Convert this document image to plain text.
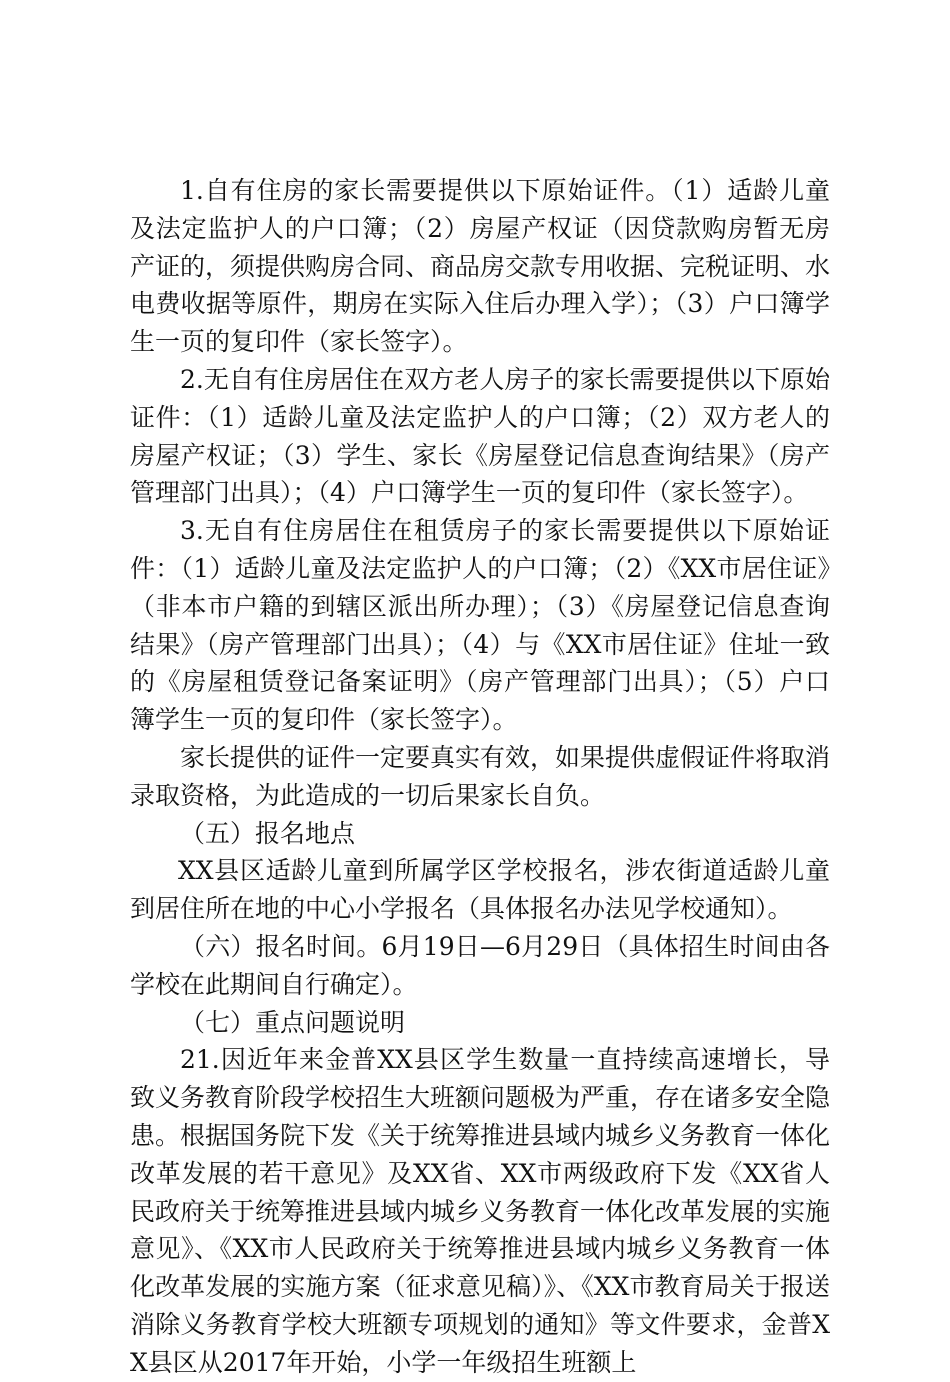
1.自有住房的家长需要提供以下原始证件。（1）适龄儿童及法定监护人的户口簿；（2）房屋产权证（因贷款购房暂无房产证的，须提供购房合同、商品房交款专用收据、完税证明、水电费收据等原件，期房在实际入住后办理入学）；（3）户口簿学生一页的复印件（家长签字）。

2.无自有住房居住在双方老人房子的家长需要提供以下原始证件：（1）适龄儿童及法定监护人的户口簿；（2）双方老人的房屋产权证；（3）学生、家长《房屋登记信息查询结果》（房产管理部门出具）；（4）户口簿学生一页的复印件（家长签字）。

3.无自有住房居住在租赁房子的家长需要提供以下原始证件：（1）适龄儿童及法定监护人的户口簿；（2）《XX市居住证》（非本市户籍的到辖区派出所办理）；（3）《房屋登记信息查询结果》（房产管理部门出具）；（4）与《XX市居住证》住址一致的《房屋租赁登记备案证明》（房产管理部门出具）；（5）户口簿学生一页的复印件（家长签字）。

家长提供的证件一定要真实有效，如果提供虚假证件将取消录取资格，为此造成的一切后果家长自负。

（五）报名地点

XX县区适龄儿童到所属学区学校报名，涉农街道适龄儿童到居住所在地的中心小学报名（具体报名办法见学校通知）。

（六）报名时间。6月19日—6月29日（具体招生时间由各学校在此期间自行确定）。

（七）重点问题说明

21.因近年来金普XX县区学生数量一直持续高速增长，导致义务教育阶段学校招生大班额问题极为严重，存在诸多安全隐患。根据国务院下发《关于统筹推进县域内城乡义务教育一体化改革发展的若干意见》及XX省、XX市两级政府下发《XX省人民政府关于统筹推进县域内城乡义务教育一体化改革发展的实施意见》、《XX市人民政府关于统筹推进县域内城乡义务教育一体化改革发展的实施方案（征求意见稿）》、《XX市教育局关于报送消除义务教育学校大班额专项规划的通知》等文件要求，金普XX县区从2017年开始，小学一年级招生班额上
